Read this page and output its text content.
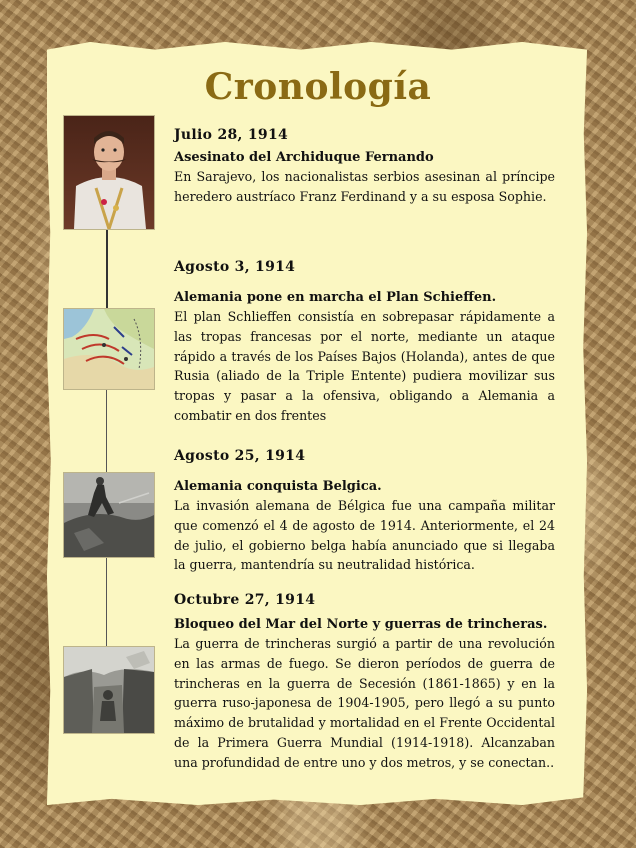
Cronología

Julio 28, 1914

Asesinato del Archiduque Fernando

En Sarajevo, los nacionalistas serbios asesinan al príncipe heredero austríaco Franz Ferdinand y a su esposa Sophie.

Agosto 3, 1914

Alemania pone en marcha el Plan Schieffen.

El plan Schlieffen consistía en sobrepasar rápidamente a las tropas francesas por el norte, mediante un ataque rápido a través de los Países Bajos (Holanda), antes de que Rusia (aliado de la Triple Entente) pudiera movilizar sus tropas y pasar a la ofensiva, obligando a Alemania a combatir en dos frentes

Agosto 25, 1914

Alemania conquista Belgica.

La invasión alemana de Bélgica fue una campaña militar que comenzó el 4 de agosto de 1914. Anteriormente, el 24 de julio, el gobierno belga había anunciado que si llegaba la guerra, mantendría su neutralidad histórica.

Octubre 27, 1914

Bloqueo del Mar del Norte y guerras de trincheras.

La guerra de trincheras surgió a partir de una revolución en las armas de fuego. Se dieron períodos de guerra de trincheras en la guerra de Secesión (1861-1865) y en la guerra ruso-japonesa de 1904-1905, pero llegó a su punto máximo de brutalidad y mortalidad en el Frente Occidental de la Primera Guerra Mundial (1914-1918). Alcanzaban una profundidad de entre uno y dos metros, y se conectan..
